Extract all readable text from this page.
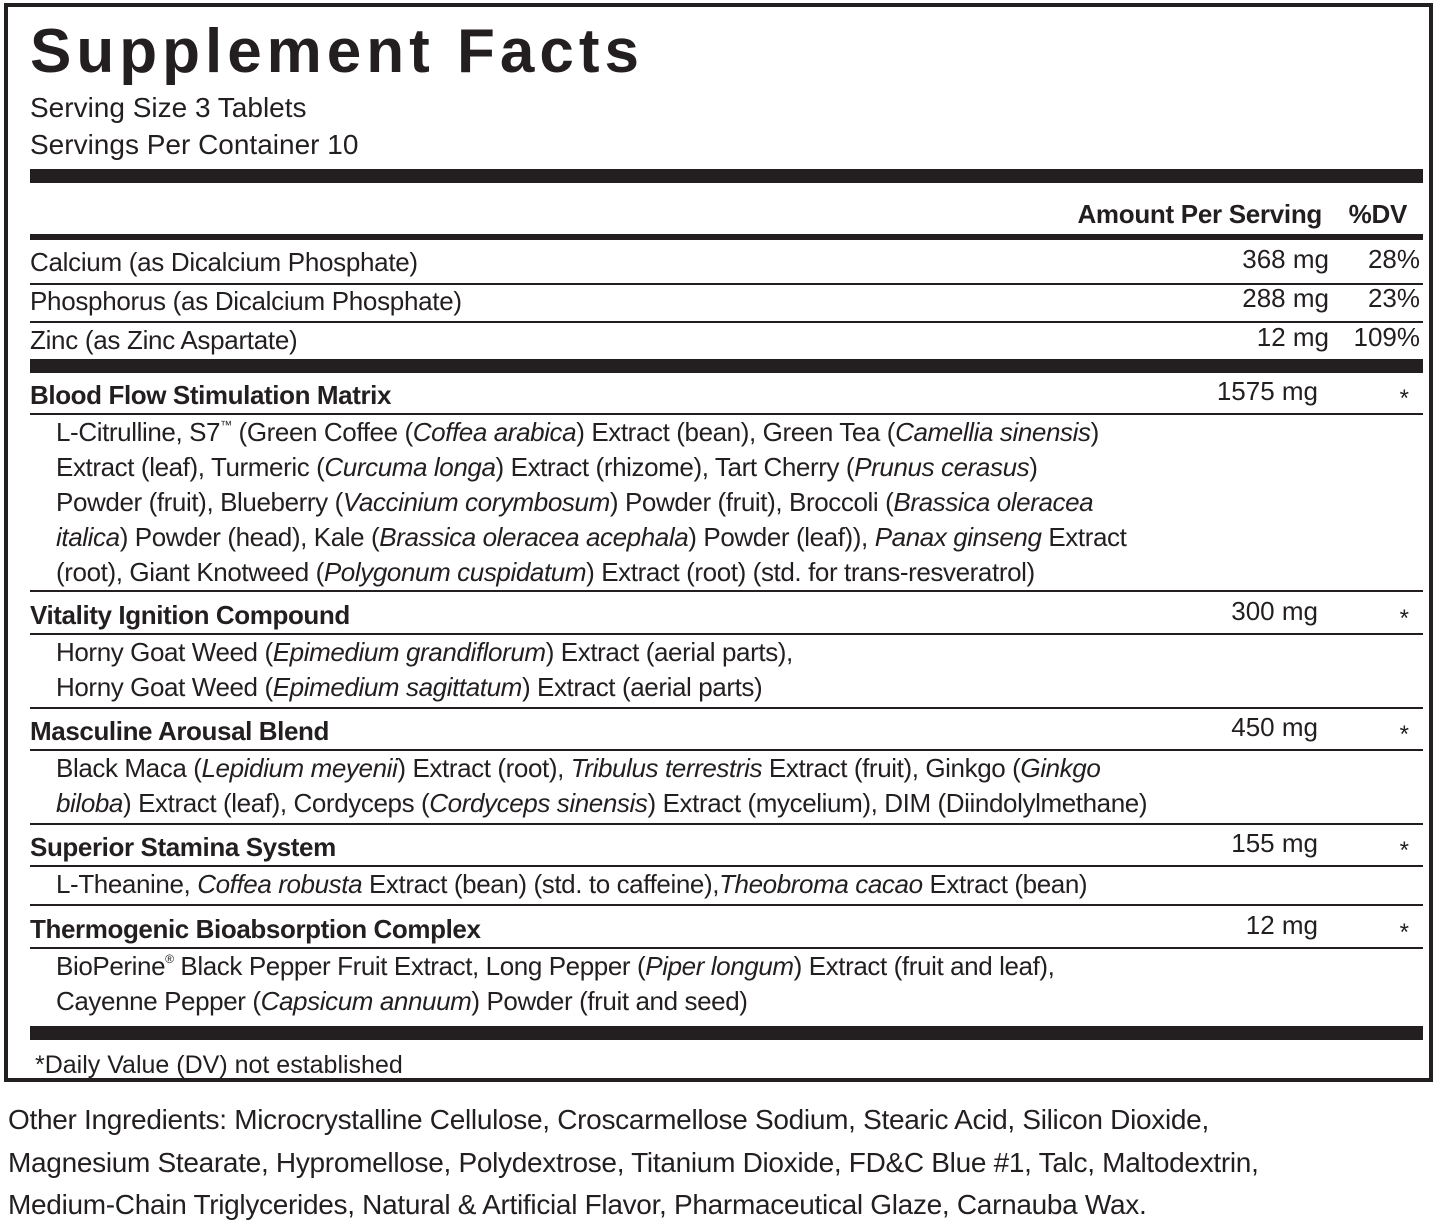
Supplement Facts
Serving Size 3 Tablets
Servings Per Container 10
Amount Per Serving %DV
Calcium (as Dicalcium Phosphate)	368 mg 28%
Phosphorus (as Dicalcium Phosphate)	288 mg 23%
Zinc (as Zinc Aspartate)	12 mg 109%
Blood Flow Stimulation Matrix	1575 mg	*
L-Citrulline, S7™ (Green Coffee (Coffea arabica) Extract (bean), Green Tea (Camellia sinensis)
Extract (leaf), Turmeric (Curcuma longa) Extract (rhizome), Tart Cherry (Prunus cerasus)
Powder (fruit), Blueberry (Vaccinium corymbosum) Powder (fruit), Broccoli (Brassica oleracea
italica) Powder (head), Kale (Brassica oleracea acephala) Powder (leaf)), Panax ginseng Extract
(root), Giant Knotweed (Polygonum cuspidatum) Extract (root) (std. for trans-resveratrol)
Vitality Ignition Compound	300 mg	*
Horny Goat Weed (Epimedium grandiflorum) Extract (aerial parts),
Horny Goat Weed (Epimedium sagittatum) Extract (aerial parts)
Masculine Arousal Blend	450 mg	*
Black Maca (Lepidium meyenii) Extract (root), Tribulus terrestris Extract (fruit), Ginkgo (Ginkgo
biloba) Extract (leaf), Cordyceps (Cordyceps sinensis) Extract (mycelium), DIM (Diindolylmethane)
Superior Stamina System	155 mg	*
L-Theanine, Coffea robusta Extract (bean) (std. to caffeine),Theobroma cacao Extract (bean)
Thermogenic Bioabsorption Complex	12 mg	*
BioPerine® Black Pepper Fruit Extract, Long Pepper (Piper longum) Extract (fruit and leaf),
Cayenne Pepper (Capsicum annuum) Powder (fruit and seed)
*Daily Value (DV) not established
Other Ingredients: Microcrystalline Cellulose, Croscarmellose Sodium, Stearic Acid, Silicon Dioxide,
Magnesium Stearate, Hypromellose, Polydextrose, Titanium Dioxide, FD&C Blue #1, Talc, Maltodextrin,
Medium-Chain Triglycerides, Natural & Artificial Flavor, Pharmaceutical Glaze, Carnauba Wax.
